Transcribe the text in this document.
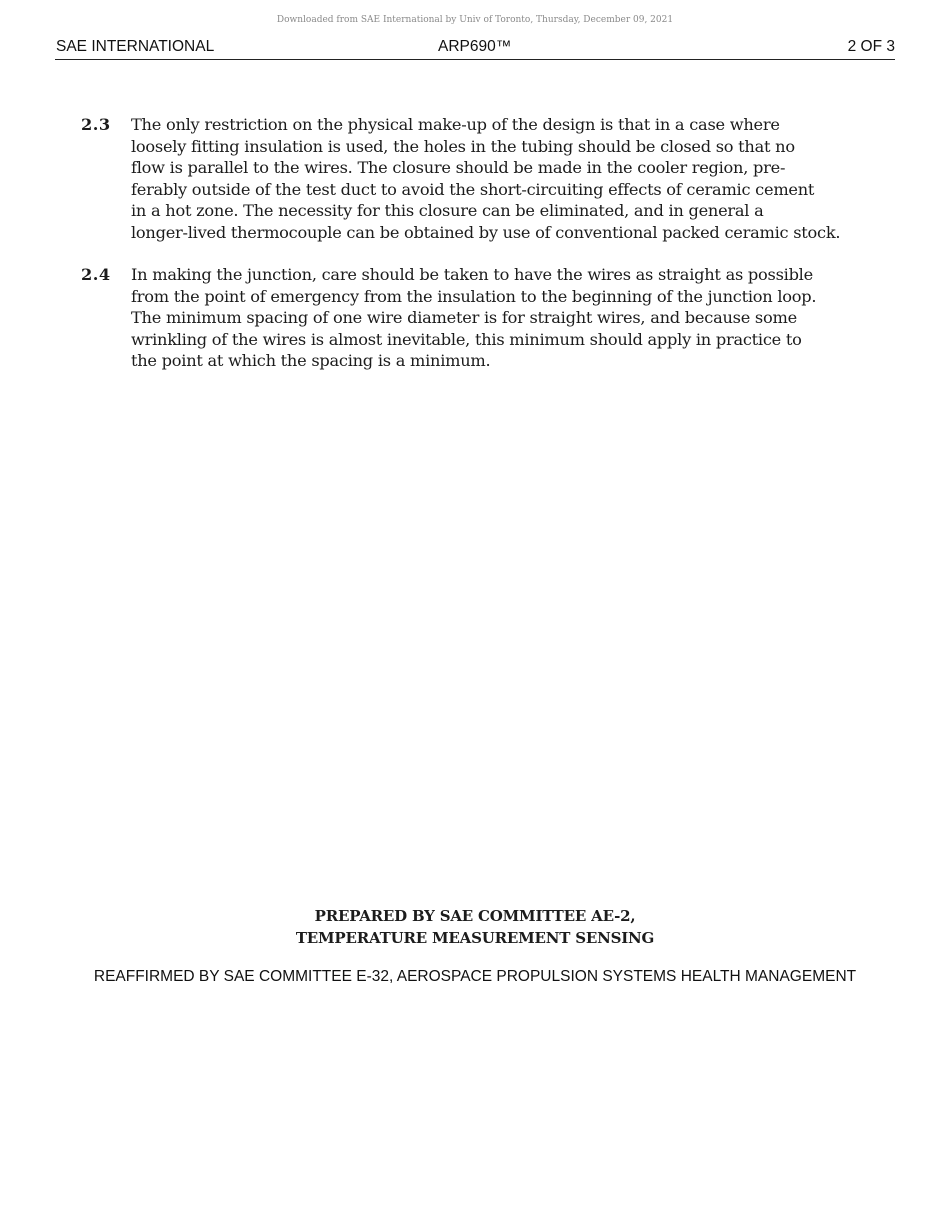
Downloaded from SAE International by Univ of Toronto, Thursday, December 09, 2021
SAE INTERNATIONAL	ARP690™	2 OF 3
2.3 The only restriction on the physical make-up of the design is that in a case where
loosely fitting insulation is used, the holes in the tubing should be closed so that no
flow is parallel to the wires. The closure should be made in the cooler region, pre-
ferably outside of the test duct to avoid the short-circuiting effects of ceramic cement
in a hot zone. The necessity for this closure can be eliminated, and in general a
longer-lived thermocouple can be obtained by use of conventional packed ceramic stock.
2.4 In making the junction, care should be taken to have the wires as straight as possible
from the point of emergency from the insulation to the beginning of the junction loop.
The minimum spacing of one wire diameter is for straight wires, and because some
wrinkling of the wires is almost inevitable, this minimum should apply in practice to
the point at which the spacing is a minimum.
PREPARED BY SAE COMMITTEE AE-2,
TEMPERATURE MEASUREMENT SENSING
REAFFIRMED BY SAE COMMITTEE E-32, AEROSPACE PROPULSION SYSTEMS HEALTH MANAGEMENT
